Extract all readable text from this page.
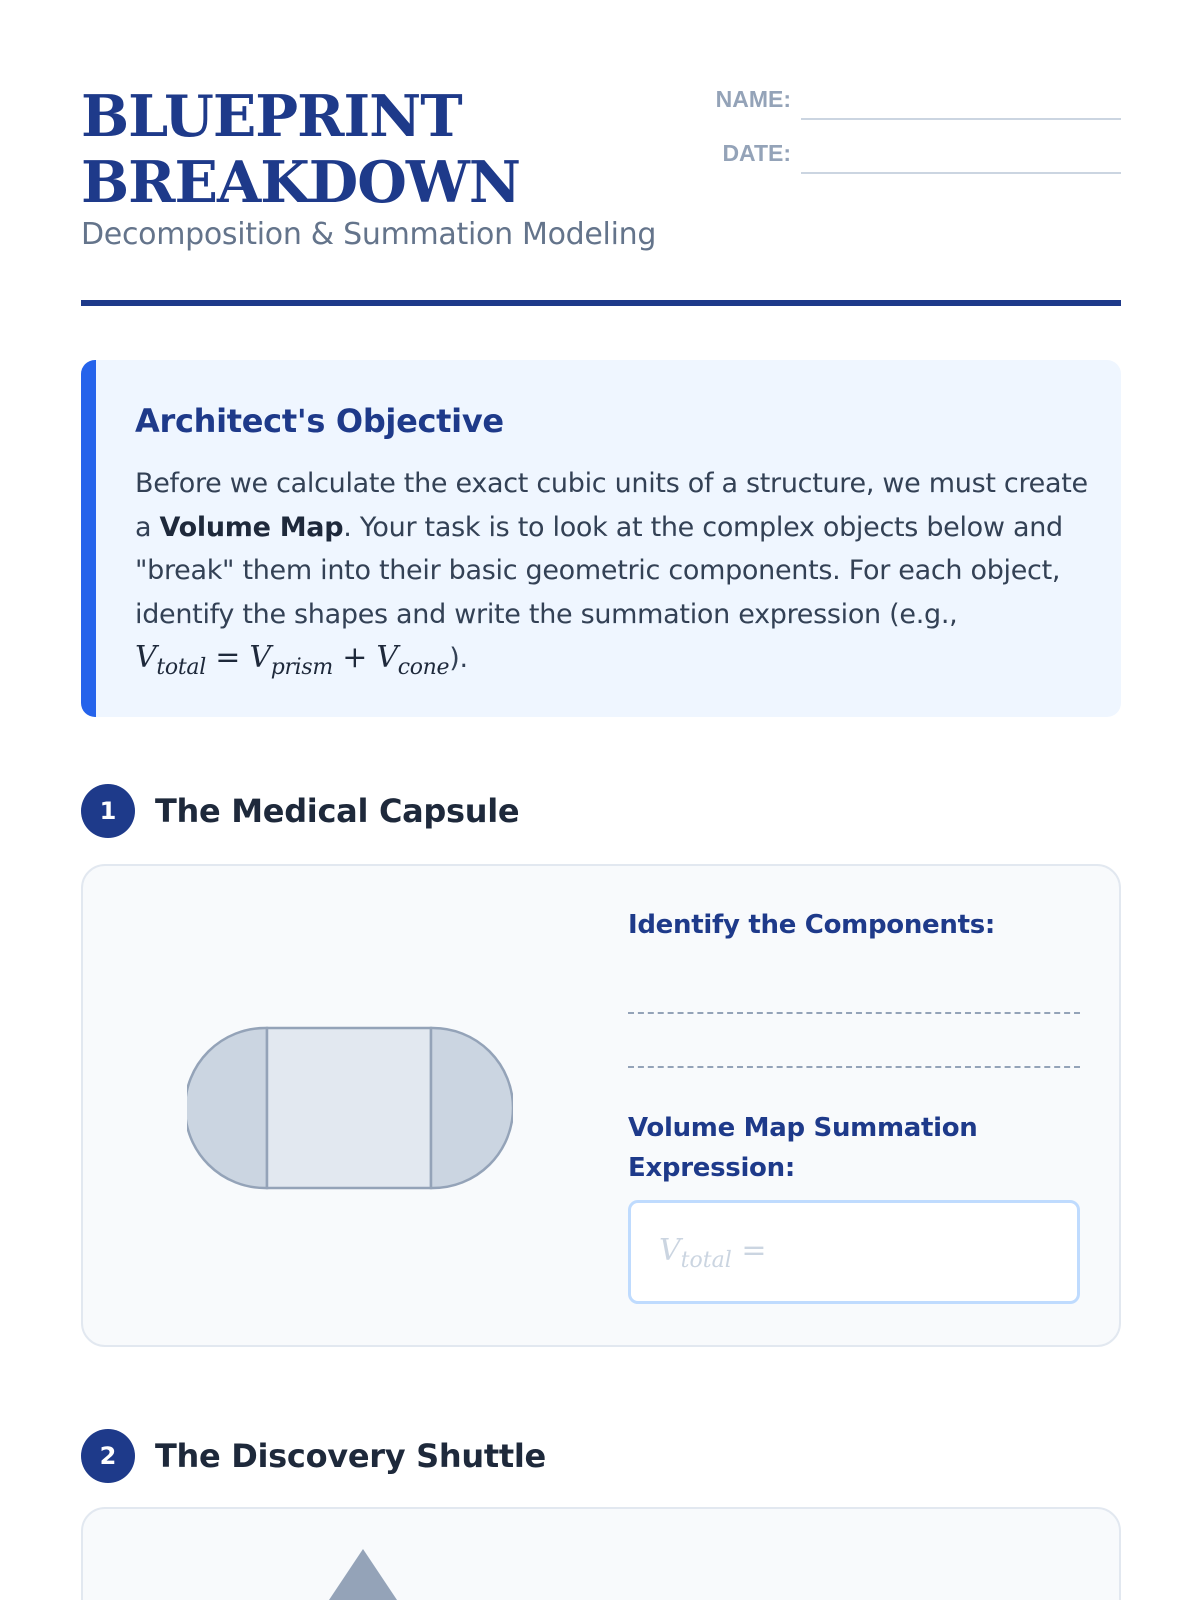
BLUEPRINT
BREAKDOWN
Decomposition & Summation Modeling
NAME:
DATE:
Architect's Objective
Before we calculate the exact cubic units of a structure, we must create a Volume Map. Your task is to look at the complex objects below and "break" them into their basic geometric components. For each object, identify the shapes and write the summation expression (e.g.,
$V_{total} = V_{prism} + V_{cone}$).
1	The Medical Capsule
Identify the Components:
Volume Map Summation Expression:
$V_{total}$ =
2	The Discovery Shuttle
